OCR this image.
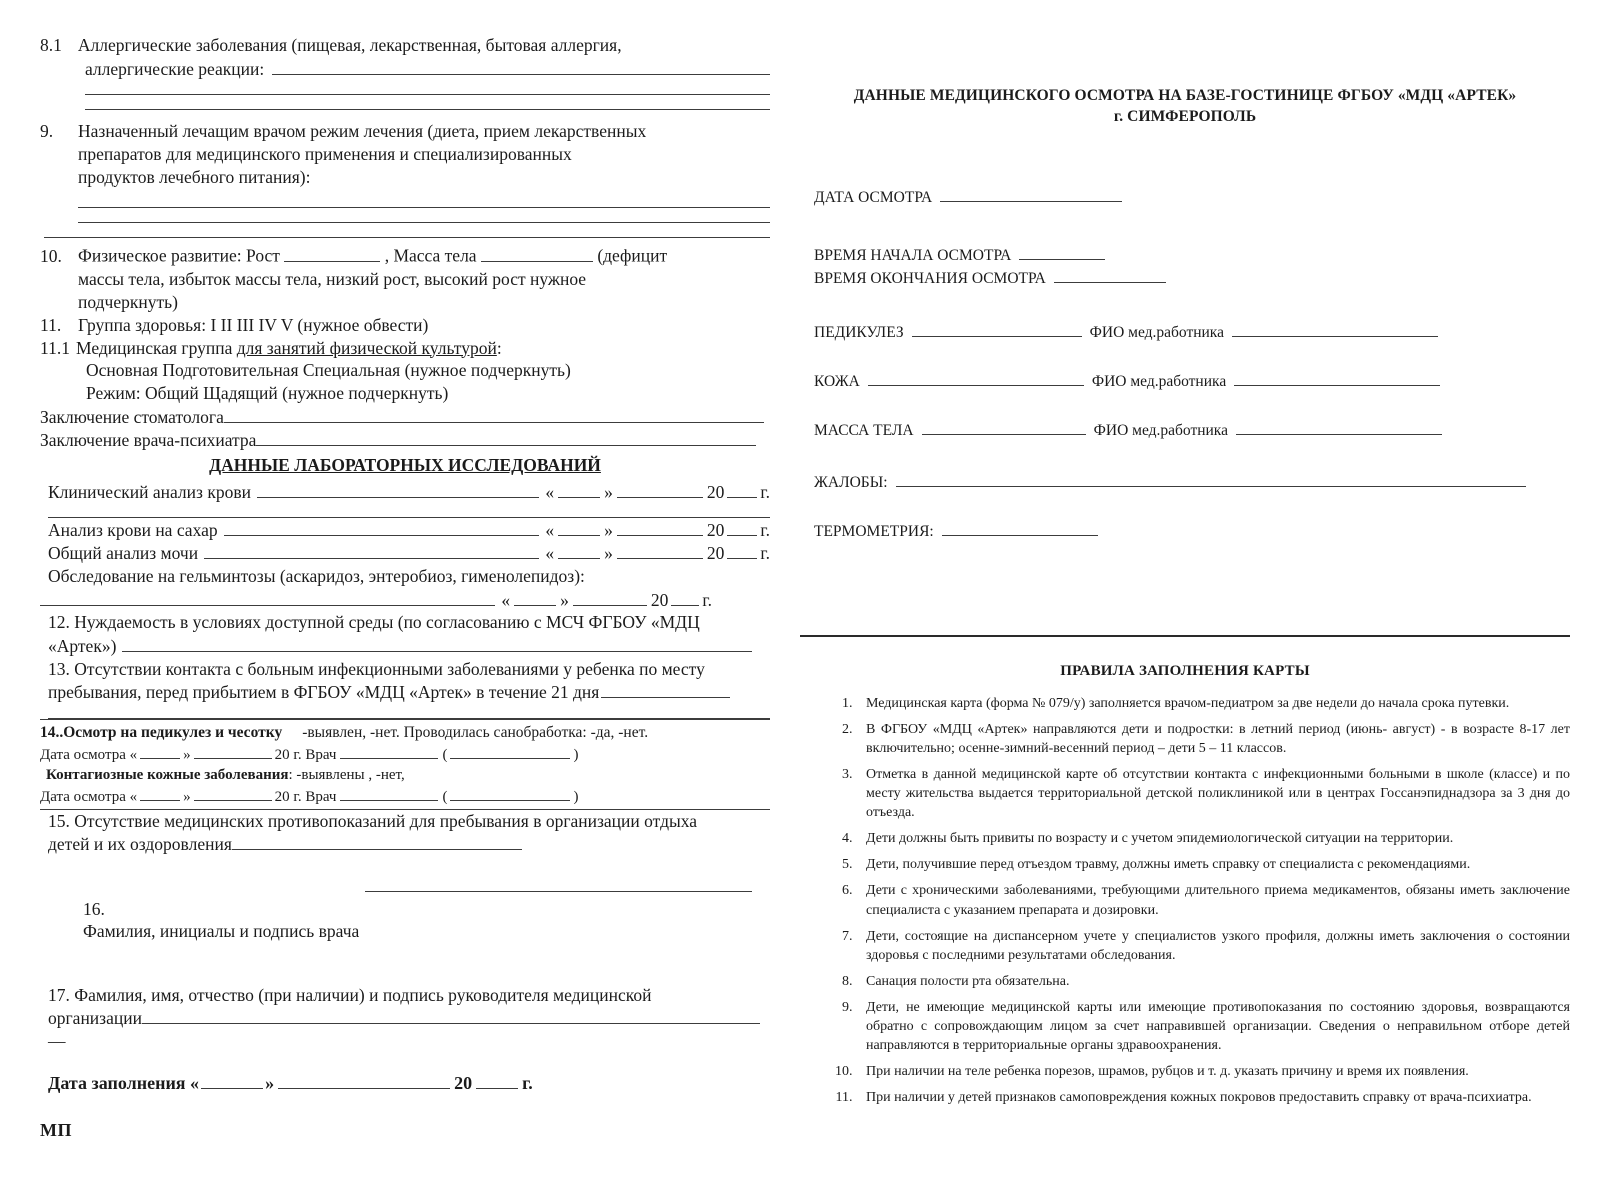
8.1 Аллергические заболевания (пищевая, лекарственная, бытовая аллергия,
аллергические реакции:
9.	Назначенный лечащим врачом режим лечения (диета, прием лекарственных
препаратов для медицинского применения и специализированных
продуктов лечебного питания):
10. Физическое развитие: Рост	, Масса тела	(дефицит
массы тела, избыток массы тела, низкий рост, высокий рост нужное
подчеркнуть)
11. Группа здоровья: I II III IV V (нужное обвести)
11.1 Медицинская группа для занятий физической культурой:
Основная Подготовительная Специальная (нужное подчеркнуть)
Режим: Общий Щадящий (нужное подчеркнуть)
Заключение стоматолога
Заключение врача-психиатра
ДАННЫЕ ЛАБОРАТОРНЫХ ИССЛЕДОВАНИЙ
Клинический анализ крови	«	»	20 г.
Анализ крови на сахар	«	»	20 г.
Общий анализ мочи	«	»	20 г.
Обследование на гельминтозы (аскаридоз, энтеробиоз, гименолепидоз):
«	»	20 г.
12. Нуждаемость в условиях доступной среды (по согласованию с МСЧ ФГБОУ «МДЦ
«Артек»)
13. Отсутствии контакта с больным инфекционными заболеваниями у ребенка по месту
пребывания, перед прибытием в ФГБОУ «МДЦ «Артек» в течение 21 дня
14.. Осмотр на педикулез и чесотку	-выявлен, -нет. Проводилась санобработка: -да, -нет.
Дата осмотра «	»	20 г. Врач	(	)
Контагиозные кожные заболевания : -выявлены , -нет,
Дата осмотра «	»	20 г. Врач	(	)
15. Отсутствие медицинских противопоказаний для пребывания в организации отдыха
детей и их оздоровления

16.
Фамилия, инициалы и подпись врача

17. Фамилия, имя, отчество (при наличии) и подпись руководителя медицинской
организации
—
Дата заполнения «	»	20	г.
МП
ДАННЫЕ МЕДИЦИНСКОГО ОСМОТРА НА БАЗЕ-ГОСТИНИЦЕ ФГБОУ «МДЦ «АРТЕК»
г. СИМФЕРОПОЛЬ
ДАТА ОСМОТРА
ВРЕМЯ НАЧАЛА ОСМОТРА
ВРЕМЯ ОКОНЧАНИЯ ОСМОТРА
ПЕДИКУЛЕЗ	ФИО мед.работника
КОЖА	ФИО мед.работника
МАССА ТЕЛА	ФИО мед.работника
ЖАЛОБЫ:
ТЕРМОМЕТРИЯ:
ПРАВИЛА ЗАПОЛНЕНИЯ КАРТЫ
1. Медицинская карта (форма № 079/у) заполняется врачом-педиатром за две недели до начала срока путевки.
2. В ФГБОУ «МДЦ «Артек» направляются дети и подростки: в летний период (июнь- август) - в возрасте 8-17 лет включительно; осенне-зимний-весенний период – дети 5 – 11 классов.
3. Отметка в данной медицинской карте об отсутствии контакта с инфекционными больными в школе (классе) и по месту жительства выдается территориальной детской поликлиникой или в центрах Госсанэпиднадзора за 3 дня до отъезда.
4. Дети должны быть привиты по возрасту и с учетом эпидемиологической ситуации на территории.
5. Дети, получившие перед отъездом травму, должны иметь справку от специалиста с рекомендациями.
6. Дети с хроническими заболеваниями, требующими длительного приема медикаментов, обязаны иметь заключение специалиста с указанием препарата и дозировки.
7. Дети, состоящие на диспансерном учете у специалистов узкого профиля, должны иметь заключения о состоянии здоровья с последними результатами обследования.
8. Санация полости рта обязательна.
9. Дети, не имеющие медицинской карты или имеющие противопоказания по состоянию здоровья, возвращаются обратно с сопровождающим лицом за счет направившей организации. Сведения о неправильном отборе детей направляются в территориальные органы здравоохранения.
10. При наличии на теле ребенка порезов, шрамов, рубцов и т. д. указать причину и время их появления.
11. При наличии у детей признаков самоповреждения кожных покровов предоставить справку от врача-психиатра.
